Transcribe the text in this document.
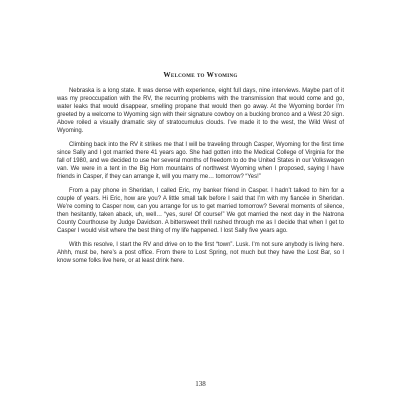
Welcome to Wyoming

Nebraska is a long state. It was dense with experience, eight full days, nine interviews. Maybe part of it was my preoccupation with the RV, the recurring problems with the transmission that would come and go, water leaks that would disappear, smelling propane that would then go away. At the Wyoming border I’m greeted by a welcome to Wyoming sign with their signature cowboy on a bucking bronco and a West 20 sign. Above roiled a visually dramatic sky of stratocumulus clouds. I’ve made it to the west, the Wild West of Wyoming.

Climbing back into the RV it strikes me that I will be traveling through Casper, Wyoming for the first time since Sally and I got married there 41 years ago. She had gotten into the Medical College of Virginia for the fall of 1980, and we decided to use her several months of freedom to do the United States in our Volkswagen van. We were in a tent in the Big Horn mountains of northwest Wyoming when I proposed, saying I have friends in Casper, if they can arrange it, will you marry me… tomorrow? “Yes!”

From a pay phone in Sheridan, I called Eric, my banker friend in Casper. I hadn’t talked to him for a couple of years. Hi Eric, how are you? A little small talk before I said that I’m with my fiancée in Sheridan. We’re coming to Casper now, can you arrange for us to get married tomorrow? Several moments of silence, then hesitantly, taken aback, uh, well… “yes, sure! Of course!” We got married the next day in the Natrona County Courthouse by Judge Davidson. A bittersweet thrill rushed through me as I decide that when I get to Casper I would visit where the best thing of my life happened. I lost Sally five years ago.

With this resolve, I start the RV and drive on to the first “town”. Lusk. I’m not sure anybody is living here. Ahhh, must be, here’s a post office. From there to Lost Spring, not much but they have the Lost Bar, so I know some folks live here, or at least drink here.

138
